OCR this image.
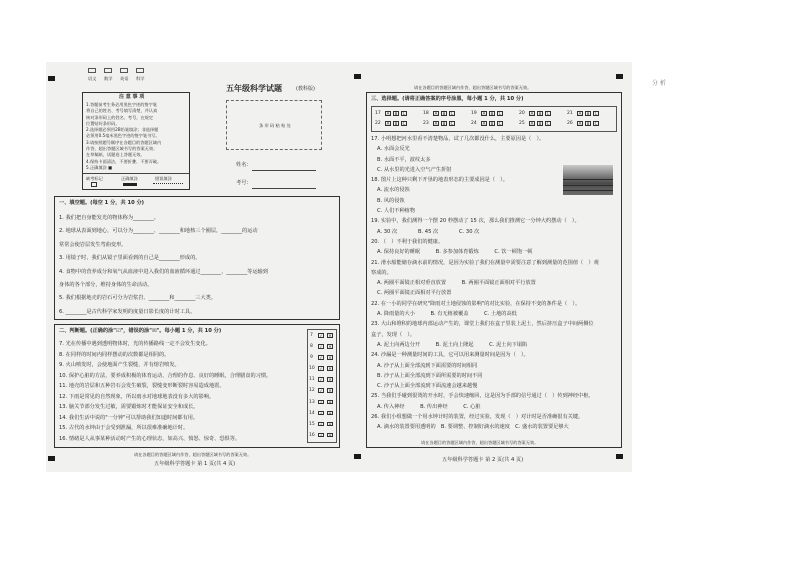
语文 数学 英语 科学
五年级科学试题	(教科版)
注 意 事 项
1.答题前考生务必用黑色字迹的签字笔
将自己的姓名、考号填写清楚，并认真
核对条形码上的姓名、考号，在规定
位置贴好条形码。
2.选择题必须用2B铅笔填涂；非选择题
必须用0.5毫米黑色字迹的签字笔书写。
3.请按照题号顺序在各题目的答题区域内
作答，超出答题区域书写的答案无效；
在草稿纸、试题卷上答题无效。
4.保持卡面清洁，不要折叠、不要弄破。
5.正确填涂 ■
缺考标记	正确填涂	错误填涂
条 形 码 粘 贴 处
姓名：
考号：
一、填空题。(每空 1 分，共 10 分)
1. 我们把自身能发光的物体称为________。
2. 地球从表面到地心，可以分为________、________和地核三个圈层，________的运动
常常会使岩层发生弯曲变形。
3. 用镜子时，我们从镜子里面看到的自己是________形成的。
4. 食物中的营养成分和氧气从血液中进入我们的血液循环通过________、________等运输到
身体的各个部分，维持身体的生命活动。
5. 我们根据地壳的岩石可分为岩浆岩、________和________三大类。
6. ________是古代科学家发明的度量日影长度的计时工具。
二、判断题。(正确的涂"☑"，错误的涂"☒"。每小题 1 分，共 10 分)
7. 光在传播中遇到透明物体时，光的传播路线一定不会发生变化。
8. 在同样的时间内同样摆动的次数都是相同的。
9. 火山喷发时，会使地面产生裂缝，并有熔岩喷发。
10. 保护心脏的方法，要养成积极的体育运动、合理的作息、良好的睡眠、合理膳食的习惯。
11. 地壳的岩层和五种岩石会发生破裂，裂缝变形断裂时容易造成地震。
12. 下雨是常见的自然现象，所以雨水对地球地表没有多大的影响。
13. 脑关节部分发生过敏，需要锻炼时才能保证安全和成长。
14. 我们生活中说的"一分钟"可以帮助我们知道时间都有用。
15. 古代的水钟由于会受到泄漏，所以很难准确地计时。
16. 情绪是人从事某种活动时产生的心理状态，如高兴、愤怒、惊奇、恐惧等。
7	✓	✕
8	✓	✕
9	✓	✕
10	✓	✕
11	✓	✕
12	✓	✕
13	✓	✕
14	✓	✕
15	✓	✕
16	✓	✕
请在各题目的答题区域内作答，超出答题区域书写的答案无效。
五年级科学答题卡 第 1 页(共 4 页)
请在各题目的答题区域内作答，超出答题区域书写的答案无效。
三、选择题。(请将正确答案的序号涂黑，每小题 1 分，共 10 分)
17	A	B	C	18	A	B	C	19	A	B	C	20	A	B	C	21	A	B	C
22	A	B	C	23	A	B	C	24	A	B	C	25	A	B	C	26	A	B	C
17. 小明想把河水里看不清楚物品，试了几次都没什么，主要原因是（　）。
A. 水面会反光
B. 水面不平，波纹太多
C. 从水里的光进入空气产生折射
18. 图片上这种只剩下开垦的地表形态的主要成因是（　）。
A. 流水的侵蚀
B. 风的侵蚀
C. 人们不种植物
19. 实验中，我们测得一个摆 20 秒摆动了 15 次，那么我们推测它一分钟大约摆动（　）。
A. 30 次　　　　B. 45 次　　　　C. 30 次
20. （　）不利于我们的健康。
A. 保持良好的睡眠　　　B. 多参加体育锻炼　　　C. 饮一顿饱一顿
21. 滑水船能储存滴水前的情况，是因为实验了我们在测量中需要注意了解到测量的范围值（　）观
察成的。
A. 两圈平面镜正相对垂直放置　　　B. 两圈平面镜正面相对平行放置
C. 两圈平面镜正面相对平行放置
22. 在一小的同学在研究"降雨对土地侵蚀的影响"的对比实验，在保持不变的条件是（　）。
A. 降雨量的大小　　　B. 有无植被覆盖　　　C. 土地的高低
23. 大山和堆积的地球内部运动产生的，课堂上我们在盒子里装上泥土，然后挤压盒子中间两侧位
盒子，发现（　）。
A. 泥土向两边分开　　　B. 泥土向上隆起　　　C. 泥土向下塌陷
24. 沙漏是一种测量时间的工具，它可以用来测量时间是因为（　）。
A. 沙子从上面全部流到下面需要的时间相同
B. 沙子从上面全部流到下面所需要的时间不同
C. 沙子从上面全部流到下面流速会越来越慢
25. 当我们手碰到很烫的开水时，手会快速缩回，这是因为手部的信号通过（　）传到神经中枢。
A. 传入神经　　　B. 传出神经　　　C. 心脏
26. 我们小组想做一个用水钟计时的装置，经过实验，发现（　）对计时是否准确很有关键。
A. 滴水的装置要用透明的　B. 要调整、控制好滴水的速度　C. 盛水的装置要足够大
请在各题目的答题区域内作答，超出答题区域书写的答案无效。
五年级科学答题卡 第 2 页(共 4 页)
分 析
